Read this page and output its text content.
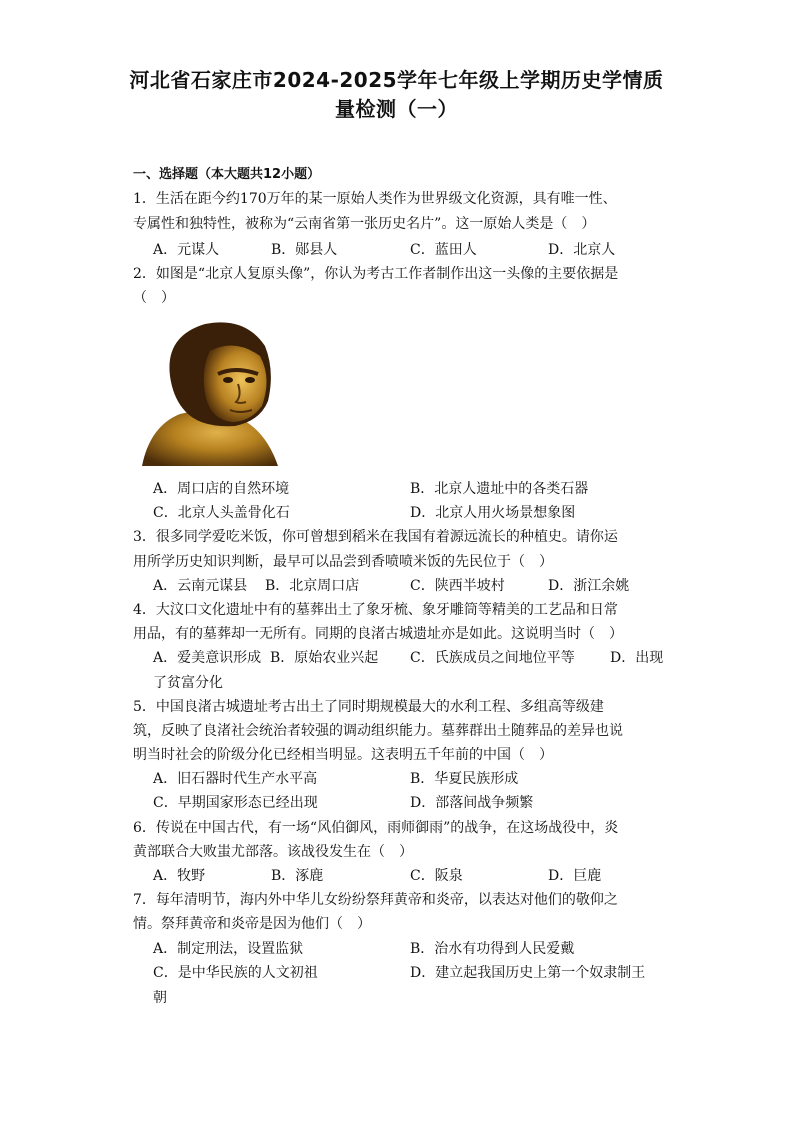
河北省石家庄市2024-2025学年七年级上学期历史学情质
量检测（一）
一、选择题（本大题共12小题）
1．生活在距今约170万年的某一原始人类作为世界级文化资源，具有唯一性、
专属性和独特性，被称为“云南省第一张历史名片”。这一原始人类是（　）
A．元谋人	B．郧县人	C．蓝田人	D．北京人
2．如图是“北京人复原头像”，你认为考古工作者制作出这一头像的主要依据是
（　）
A．周口店的自然环境	B．北京人遗址中的各类石器
C．北京人头盖骨化石	D．北京人用火场景想象图
3．很多同学爱吃米饭，你可曾想到稻米在我国有着源远流长的种植史。请你运
用所学历史知识判断，最早可以品尝到香喷喷米饭的先民位于（　）
A．云南元谋县 B．北京周口店	C．陕西半坡村	D．浙江余姚
4．大汶口文化遗址中有的墓葬出土了象牙梳、象牙雕筒等精美的工艺品和日常
用品，有的墓葬却一无所有。同期的良渚古城遗址亦是如此。这说明当时（　）
A．爱美意识形成 B．原始农业兴起 C．氏族成员之间地位平等	D．出现
了贫富分化
5．中国良渚古城遗址考古出土了同时期规模最大的水利工程、多组高等级建
筑，反映了良渚社会统治者较强的调动组织能力。墓葬群出土随葬品的差异也说
明当时社会的阶级分化已经相当明显。这表明五千年前的中国（　）
A．旧石器时代生产水平高	B．华夏民族形成
C．早期国家形态已经出现	D．部落间战争频繁
6．传说在中国古代，有一场“风伯御风，雨师御雨”的战争，在这场战役中，炎
黄部联合大败蚩尤部落。该战役发生在（　）
A．牧野	B．涿鹿	C．阪泉	D．巨鹿
7．每年清明节，海内外中华儿女纷纷祭拜黄帝和炎帝，以表达对他们的敬仰之
情。祭拜黄帝和炎帝是因为他们（　）
A．制定刑法，设置监狱	B．治水有功得到人民爱戴
C．是中华民族的人文初祖	D．建立起我国历史上第一个奴隶制王
朝
